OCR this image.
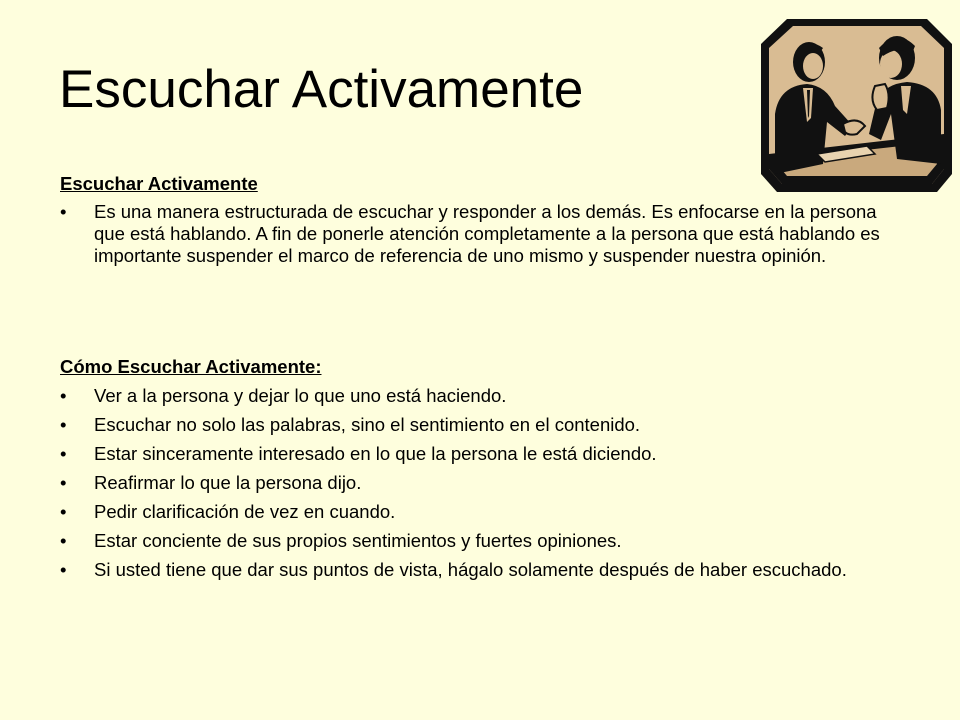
Escuchar Activamente
Escuchar Activamente
• Es una manera estructurada de escuchar y responder a los demás. Es enfocarse en la persona que está hablando. A fin de ponerle atención completamente a la persona que está hablando es importante suspender el marco de referencia de uno mismo y suspender nuestra opinión.
Cómo Escuchar Activamente:
• Ver a la persona y dejar lo que uno está haciendo.
• Escuchar no solo las palabras, sino el sentimiento en el contenido.
• Estar sinceramente interesado en lo que la persona le está diciendo.
• Reafirmar lo que la persona dijo.
• Pedir clarificación de vez en cuando.
• Estar conciente de sus propios sentimientos y fuertes opiniones.
• Si usted tiene que dar sus puntos de vista, hágalo solamente después de haber escuchado.
